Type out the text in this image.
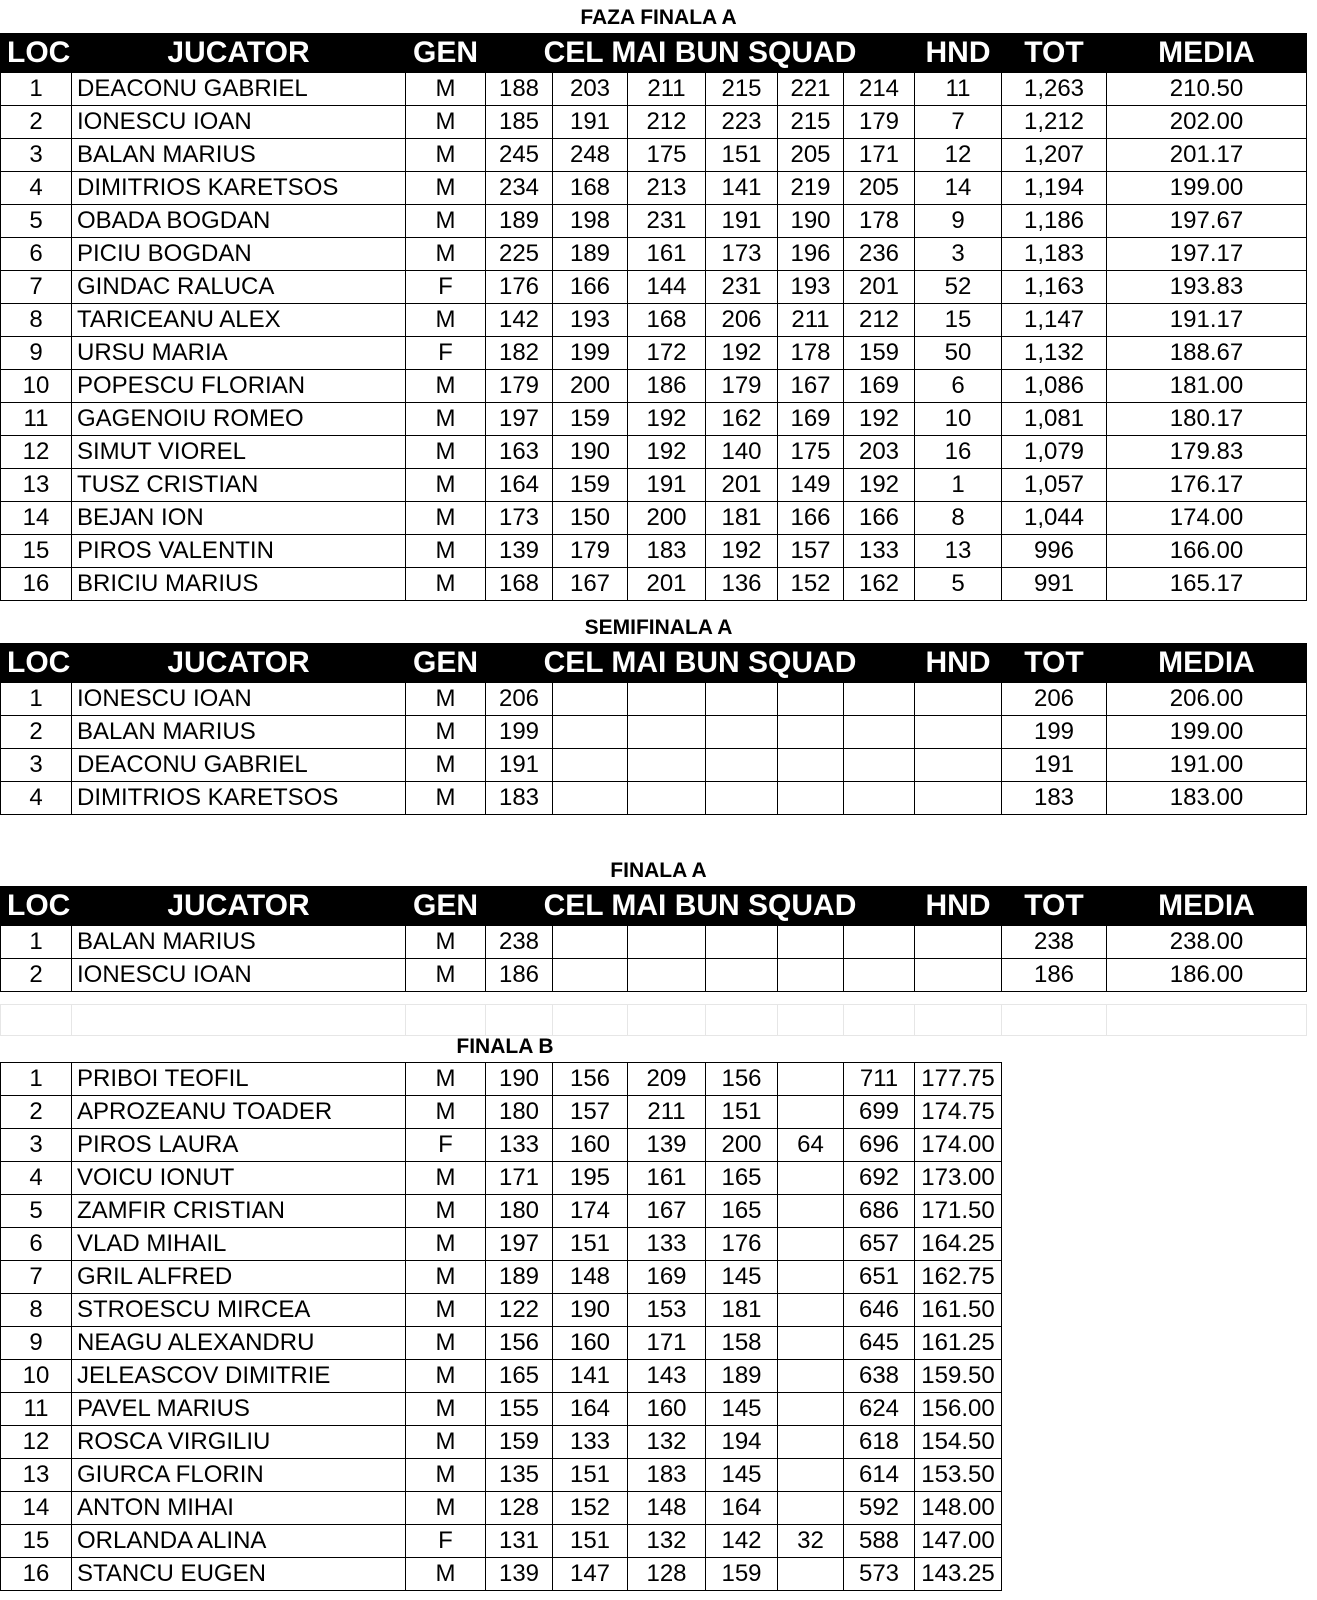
FAZA FINALA A
LOC	JUCATOR	GEN	CEL MAI BUN SQUAD						HND	TOT	MEDIA
1	DEACONU GABRIEL	M	188	203	211	215	221	214	11	1,263	210.50
2	IONESCU IOAN	M	185	191	212	223	215	179	7	1,212	202.00
3	BALAN MARIUS	M	245	248	175	151	205	171	12	1,207	201.17
4	DIMITRIOS KARETSOS	M	234	168	213	141	219	205	14	1,194	199.00
5	OBADA BOGDAN	M	189	198	231	191	190	178	9	1,186	197.67
6	PICIU BOGDAN	M	225	189	161	173	196	236	3	1,183	197.17
7	GINDAC RALUCA	F	176	166	144	231	193	201	52	1,163	193.83
8	TARICEANU ALEX	M	142	193	168	206	211	212	15	1,147	191.17
9	URSU MARIA	F	182	199	172	192	178	159	50	1,132	188.67
10	POPESCU FLORIAN	M	179	200	186	179	167	169	6	1,086	181.00
11	GAGENOIU ROMEO	M	197	159	192	162	169	192	10	1,081	180.17
12	SIMUT VIOREL	M	163	190	192	140	175	203	16	1,079	179.83
13	TUSZ CRISTIAN	M	164	159	191	201	149	192	1	1,057	176.17
14	BEJAN ION	M	173	150	200	181	166	166	8	1,044	174.00
15	PIROS VALENTIN	M	139	179	183	192	157	133	13	996	166.00
16	BRICIU MARIUS	M	168	167	201	136	152	162	5	991	165.17
SEMIFINALA A
LOC	JUCATOR	GEN	CEL MAI BUN SQUAD						HND	TOT	MEDIA
1	IONESCU IOAN	M	206							206	206.00
2	BALAN MARIUS	M	199							199	199.00
3	DEACONU GABRIEL	M	191							191	191.00
4	DIMITRIOS KARETSOS	M	183							183	183.00
FINALA A
LOC	JUCATOR	GEN	CEL MAI BUN SQUAD						HND	TOT	MEDIA
1	BALAN MARIUS	M	238							238	238.00
2	IONESCU IOAN	M	186							186	186.00

FINALA B
1	PRIBOI TEOFIL	M	190	156	209	156		711	177.75
2	APROZEANU TOADER	M	180	157	211	151		699	174.75
3	PIROS LAURA	F	133	160	139	200	64	696	174.00
4	VOICU IONUT	M	171	195	161	165		692	173.00
5	ZAMFIR CRISTIAN	M	180	174	167	165		686	171.50
6	VLAD MIHAIL	M	197	151	133	176		657	164.25
7	GRIL ALFRED	M	189	148	169	145		651	162.75
8	STROESCU MIRCEA	M	122	190	153	181		646	161.50
9	NEAGU ALEXANDRU	M	156	160	171	158		645	161.25
10	JELEASCOV DIMITRIE	M	165	141	143	189		638	159.50
11	PAVEL MARIUS	M	155	164	160	145		624	156.00
12	ROSCA VIRGILIU	M	159	133	132	194		618	154.50
13	GIURCA FLORIN	M	135	151	183	145		614	153.50
14	ANTON MIHAI	M	128	152	148	164		592	148.00
15	ORLANDA ALINA	F	131	151	132	142	32	588	147.00
16	STANCU EUGEN	M	139	147	128	159		573	143.25
